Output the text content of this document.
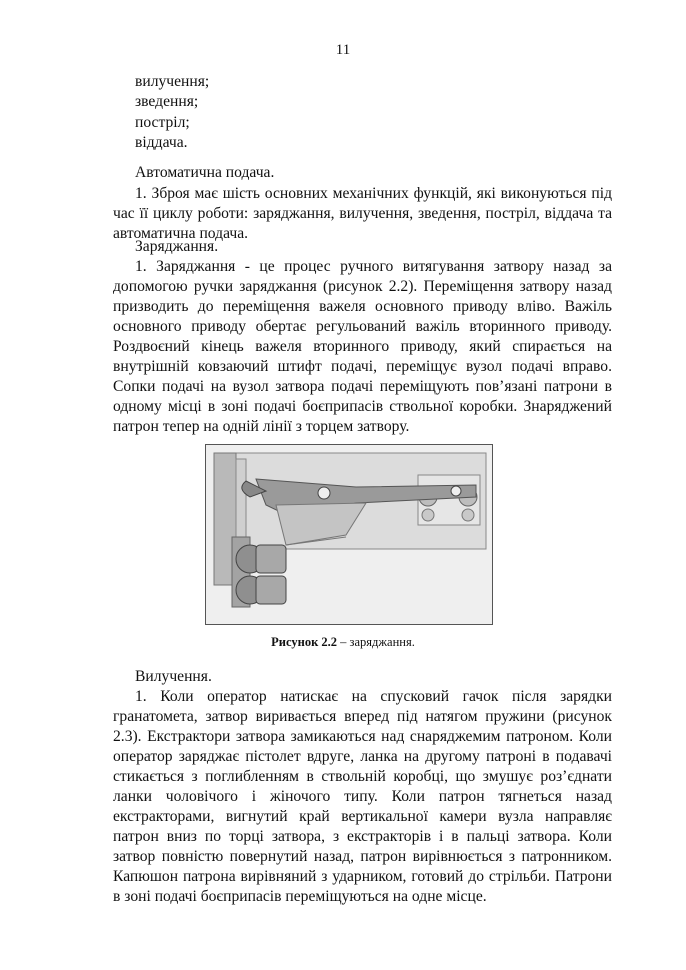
11
вилучення;
зведення;
постріл;
віддача.

Автоматична подача.

1. Зброя має шість основних механічних функцій, які виконуються під час її циклу роботи: заряджання, вилучення, зведення, постріл, віддача та автоматична подача.

Заряджання.

1. Заряджання - це процес ручного витягування затвору назад за допомогою ручки заряджання (рисунок 2.2). Переміщення затвору назад призводить до переміщення важеля основного приводу вліво. Важіль основного приводу обертає регульований важіль вторинного приводу. Роздвоєний кінець важеля вторинного приводу, який спирається на внутрішній ковзаючий штифт подачі, переміщує вузол подачі вправо. Сопки подачі на вузол затвора подачі переміщують пов’язані патрони в одному місці в зоні подачі боєприпасів ствольної коробки. Знаряджений патрон тепер на одній лінії з торцем затвору.

Рисунок 2.2 – заряджання.

Вилучення.

1. Коли оператор натискає на спусковий гачок після зарядки гранатомета, затвор виривається вперед під натягом пружини (рисунок 2.3). Екстрактори затвора замикаються над снаряджемим патроном. Коли оператор заряджає пістолет вдруге, ланка на другому патроні в подавачі стикається з поглибленням в ствольній коробці, що змушує роз’єднати ланки чоловічого і жіночого типу. Коли патрон тягнеться назад екстракторами, вигнутий край вертикальної камери вузла направляє патрон вниз по торці затвора, з екстракторів і в пальці затвора. Коли затвор повністю повернутий назад, патрон вирівнюється з патронником. Капюшон патрона вирівняний з ударником, готовий до стрільби. Патрони в зоні подачі боєприпасів переміщуються на одне місце.
